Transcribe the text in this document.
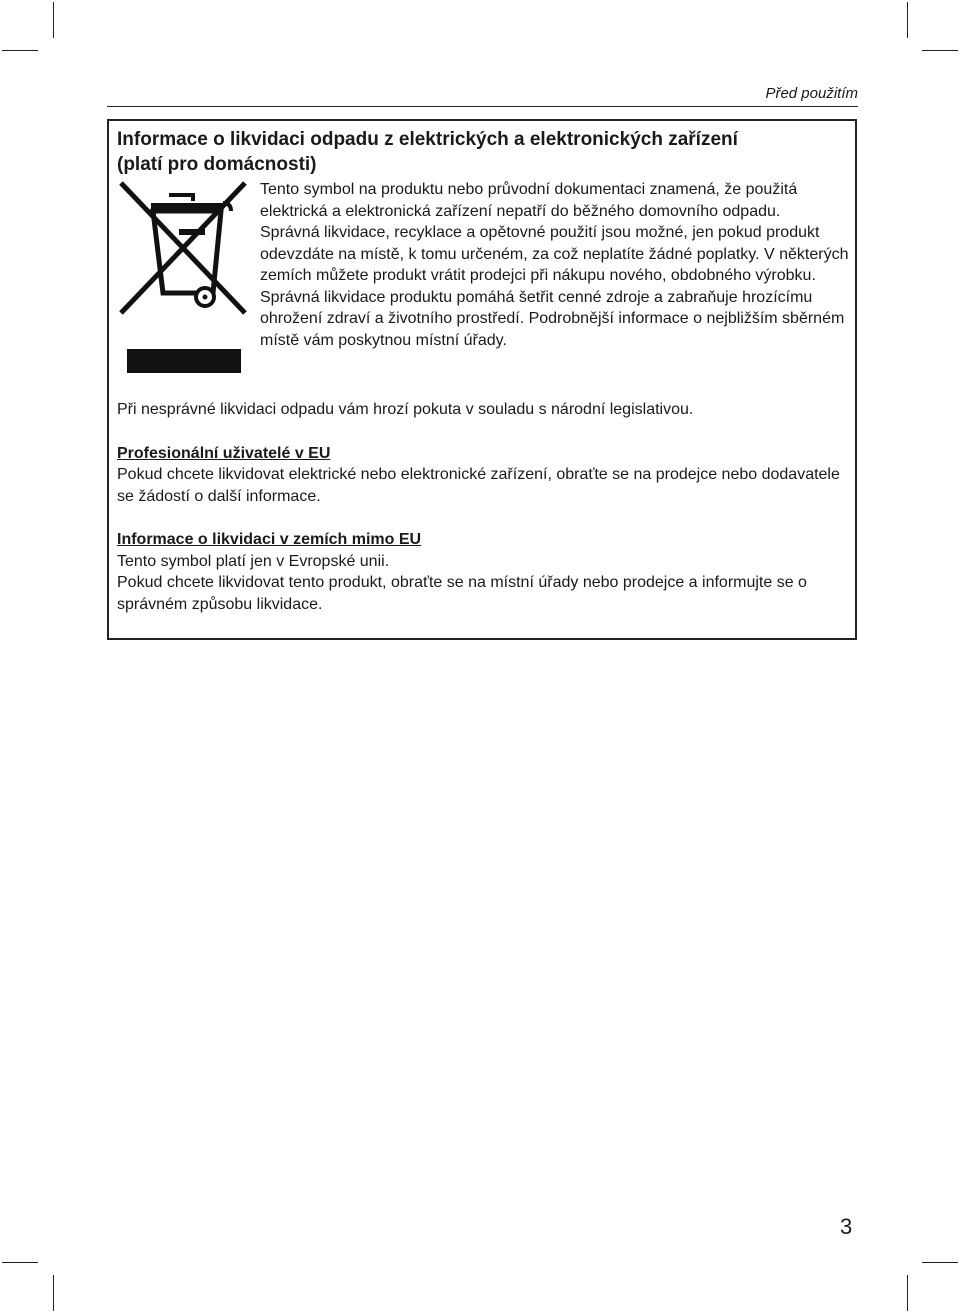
Před použitím
Informace o likvidaci odpadu z elektrických a elektronických zařízení
(platí pro domácnosti)

Tento symbol na produktu nebo průvodní dokumentaci znamená, že použitá elektrická a elektronická zařízení nepatří do běžného domovního odpadu.

Správná likvidace, recyklace a opětovné použití jsou možné, jen pokud produkt odevzdáte na místě, k tomu určeném, za což neplatíte žádné poplatky. V některých zemích můžete produkt vrátit prodejci při nákupu nového, obdobného výrobku.

Správná likvidace produktu pomáhá šetřit cenné zdroje a zabraňuje hrozícímu ohrožení zdraví a životního prostředí. Podrobnější informace o nejbližším sběrném místě vám poskytnou místní úřady.

Při nesprávné likvidaci odpadu vám hrozí pokuta v souladu s národní legislativou.

Profesionální uživatelé v EU

Pokud chcete likvidovat elektrické nebo elektronické zařízení, obraťte se na prodejce nebo dodavatele se žádostí o další informace.

Informace o likvidaci v zemích mimo EU

Tento symbol platí jen v Evropské unii.

Pokud chcete likvidovat tento produkt, obraťte se na místní úřady nebo prodejce a informujte se o správném způsobu likvidace.

3
